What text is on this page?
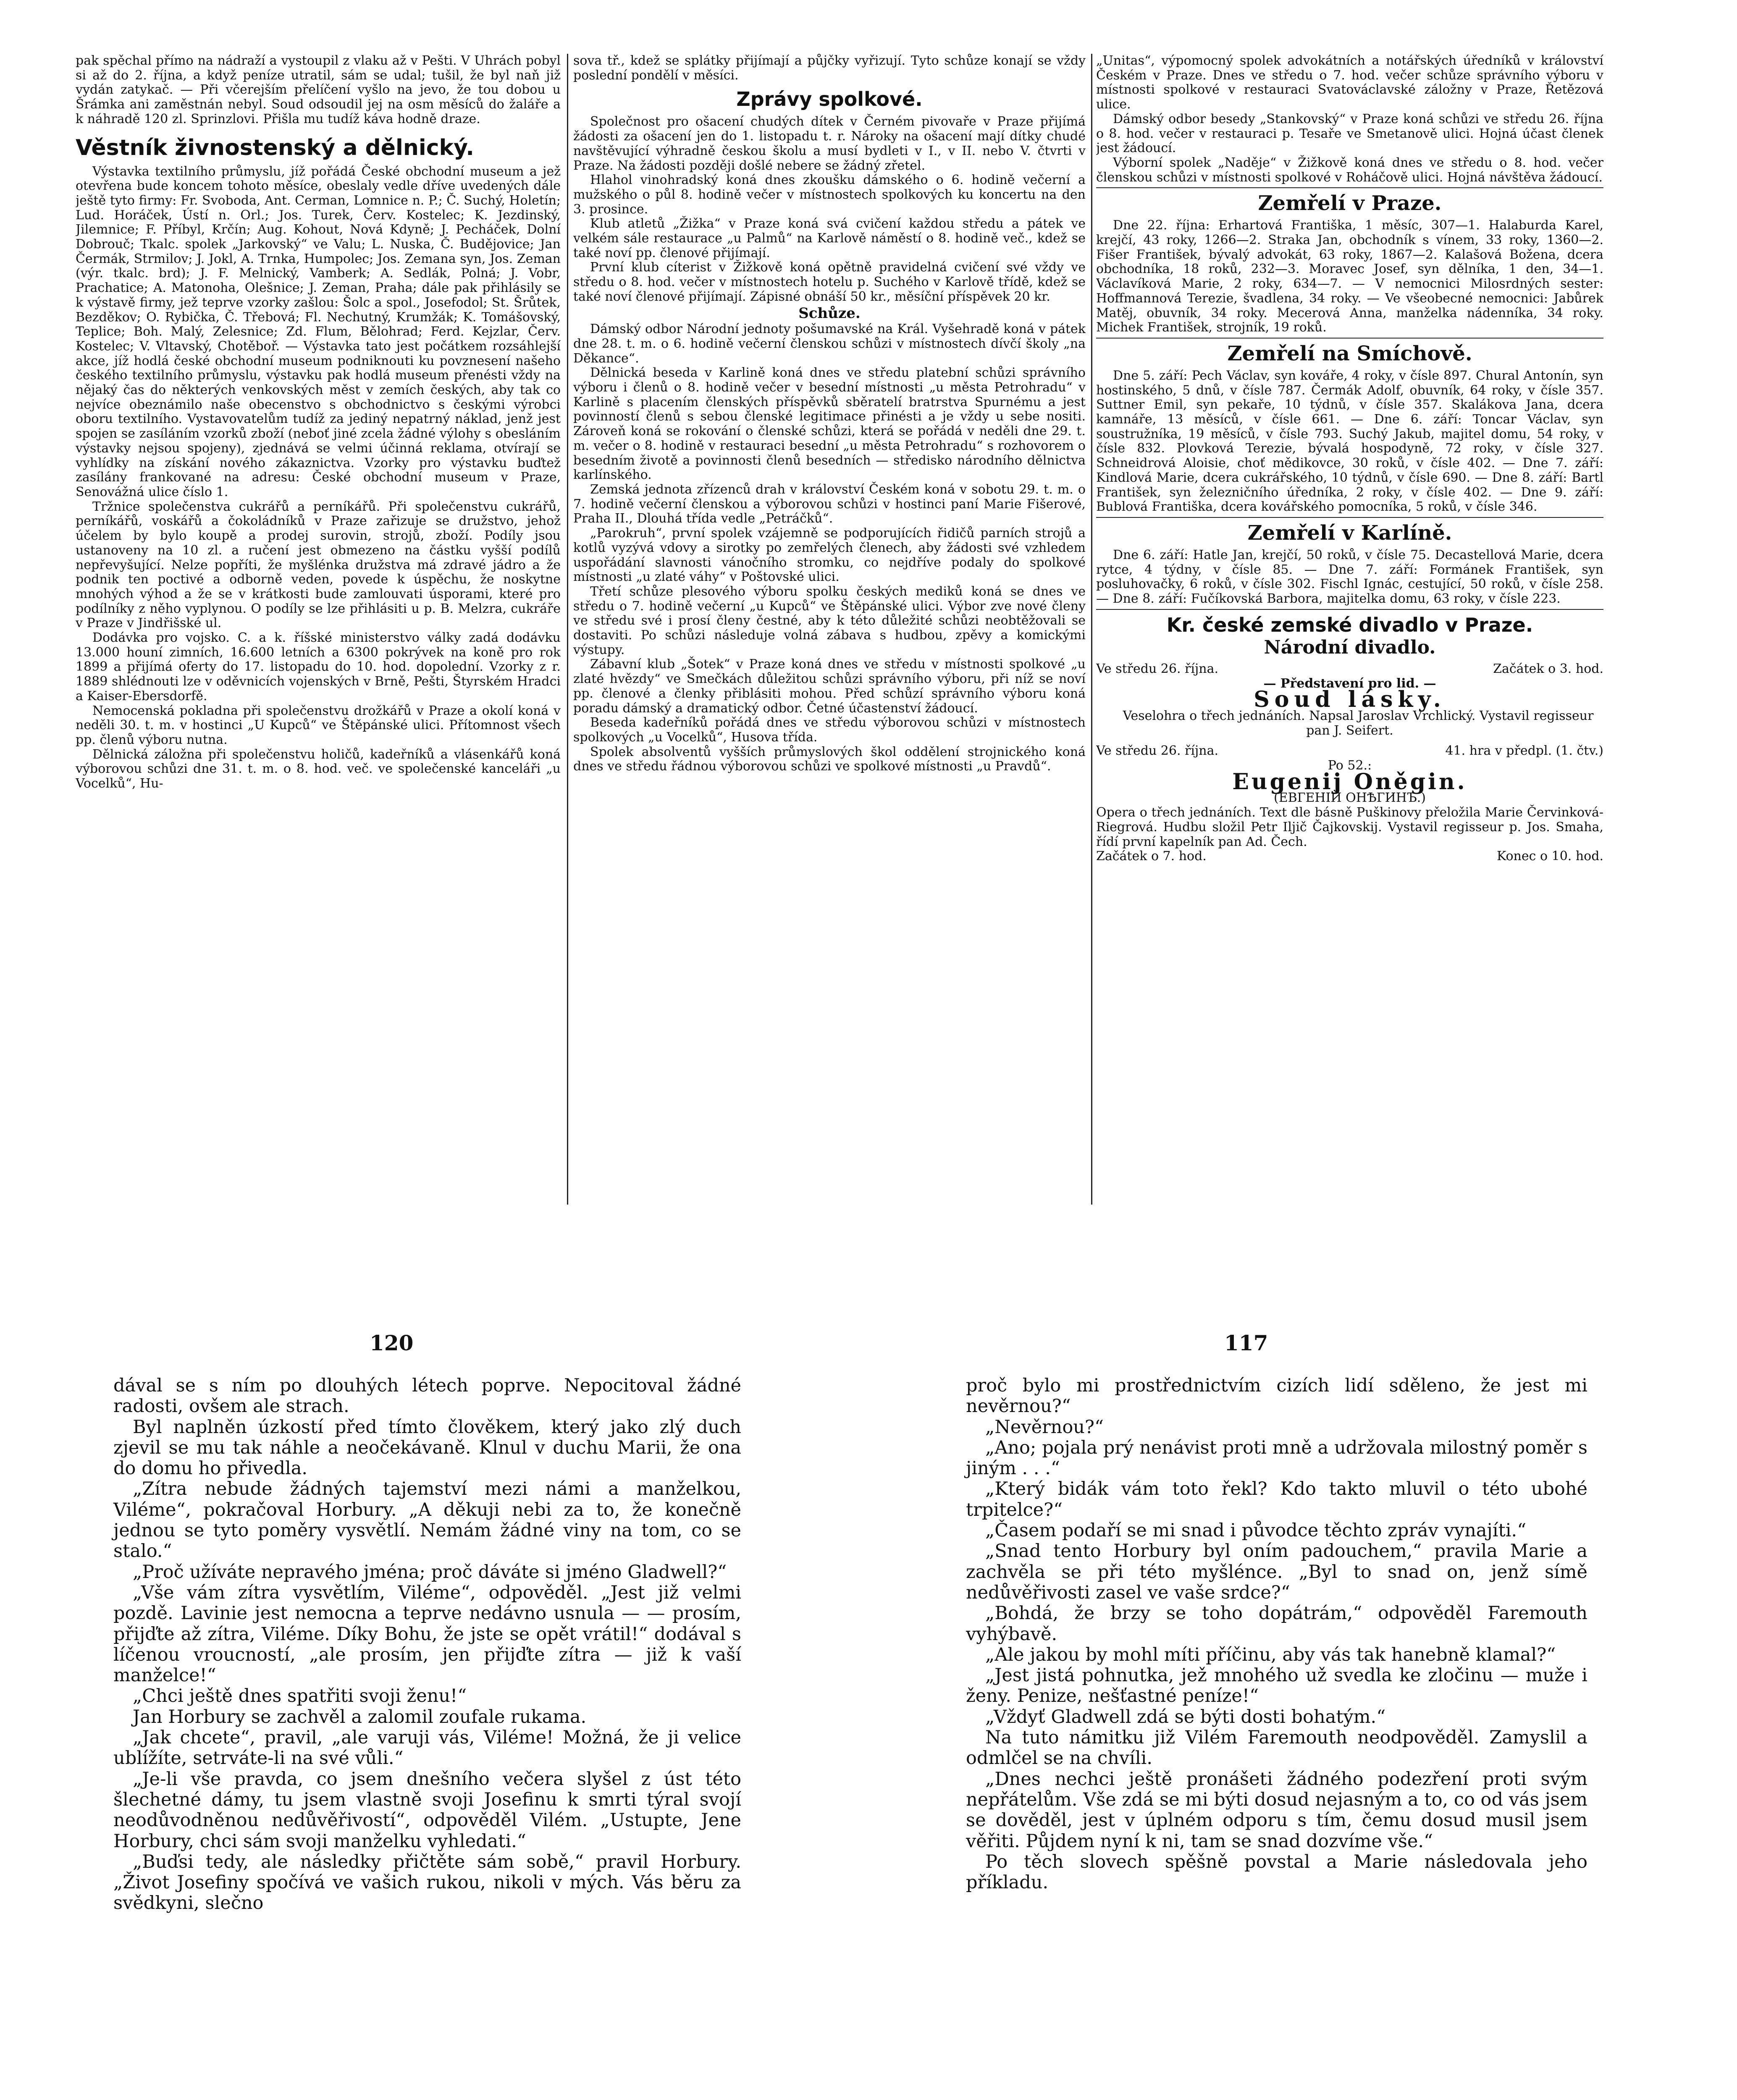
pak spěchal přímo na nádraží a vystoupil z vlaku až v Pešti. V Uhrách pobyl si až do 2. října, a když peníze utratil, sám se udal; tušil, že byl naň již vydán zatykač. — Při včerejším přelíčení vyšlo na jevo, že tou dobou u Šrámka ani zaměstnán nebyl. Soud odsoudil jej na osm měsíců do žaláře a k náhradě 120 zl. Sprinzlovi. Přišla mu tudíž káva hodně draze.

Věstník živnostenský a dělnický.

Výstavka textilního průmyslu, jíž pořádá České obchodní museum a jež otevřena bude koncem tohoto měsíce, obeslaly vedle dříve uvedených dále ještě tyto firmy: Fr. Svoboda, Ant. Cerman, Lomnice n. P.; Č. Suchý, Holetín; Lud. Horáček, Ústí n. Orl.; Jos. Turek, Červ. Kostelec; K. Jezdinský, Jilemnice; F. Příbyl, Krčín; Aug. Kohout, Nová Kdyně; J. Pecháček, Dolní Dobrouč; Tkalc. spolek „Jarkovský“ ve Valu; L. Nuska, Č. Budějovice; Jan Čermák, Strmilov; J. Jokl, A. Trnka, Humpolec; Jos. Zemana syn, Jos. Zeman (výr. tkalc. brd); J. F. Melnický, Vamberk; A. Sedlák, Polná; J. Vobr, Prachatice; A. Matonoha, Olešnice; J. Zeman, Praha; dále pak přihlásily se k výstavě firmy, jež teprve vzorky zašlou: Šolc a spol., Josefodol; St. Šrůtek, Bezděkov; O. Rybička, Č. Třebová; Fl. Nechutný, Krumžák; K. Tomášovský, Teplice; Boh. Malý, Zelesnice; Zd. Flum, Bělohrad; Ferd. Kejzlar, Červ. Kostelec; V. Vltavský, Chotěboř. — Výstavka tato jest počátkem rozsáhlejší akce, jíž hodlá české obchodní museum podniknouti ku povznesení našeho českého textilního průmyslu, výstavku pak hodlá museum přenésti vždy na nějaký čas do některých venkovských měst v zemích českých, aby tak co nejvíce obeznámilo naše obecenstvo s obchodnictvo s českými výrobci oboru textilního. Vystavovatelům tudíž za jediný nepatrný náklad, jenž jest spojen se zasíláním vzorků zboží (neboť jiné zcela žádné výlohy s obesláním výstavky nejsou spojeny), zjednává se velmi účinná reklama, otvírají se vyhlídky na získání nového zákaznictva. Vzorky pro výstavku buďtež zasílány frankované na adresu: České obchodní museum v Praze, Senovážná ulice číslo 1.

Tržnice společenstva cukrářů a perníkářů. Při společenstvu cukrářů, perníkářů, voskářů a čokoládníků v Praze zařizuje se družstvo, jehož účelem by bylo koupě a prodej surovin, strojů, zboží. Podíly jsou ustanoveny na 10 zl. a ručení jest obmezeno na částku vyšší podílů nepřevyšující. Nelze popříti, že myšlénka družstva má zdravé jádro a že podnik ten poctivé a odborně veden, povede k úspěchu, že noskytne mnohých výhod a že se v krátkosti bude zamlouvati úsporami, které pro podílníky z něho vyplynou. O podíly se lze přihlásiti u p. B. Melzra, cukráře v Praze v Jindřišské ul.

Dodávka pro vojsko. C. a k. říšské ministerstvo války zadá dodávku 13.000 houní zimních, 16.600 letních a 6300 pokrývek na koně pro rok 1899 a přijímá oferty do 17. listopadu do 10. hod. dopolední. Vzorky z r. 1889 shlédnouti lze v oděvnicích vojenských v Brně, Pešti, Štyrském Hradci a Kaiser-Ebersdorfě.

Nemocenská pokladna při společenstvu drožkářů v Praze a okolí koná v neděli 30. t. m. v hostinci „U Kupců“ ve Štěpánské ulici. Přítomnost všech pp. členů výboru nutna.

Dělnická záložna při společenstvu holičů, kadeřníků a vlásenkářů koná výborovou schůzi dne 31. t. m. o 8. hod. več. ve společenské kanceláři „u Vocelků“, Hu-

sova tř., kdež se splátky přijímají a půjčky vyřizují. Tyto schůze konají se vždy poslední pondělí v měsíci.

Zprávy spolkové.

Společnost pro ošacení chudých dítek v Černém pivovaře v Praze přijímá žádosti za ošacení jen do 1. listopadu t. r. Nároky na ošacení mají dítky chudé navštěvující výhradně českou školu a musí bydleti v I., v II. nebo V. čtvrti v Praze. Na žádosti později došlé nebere se žádný zřetel.

Hlahol vinohradský koná dnes zkoušku dámského o 6. hodině večerní a mužského o půl 8. hodině večer v místnostech spolkových ku koncertu na den 3. prosince.

Klub atletů „Žižka“ v Praze koná svá cvičení každou středu a pátek ve velkém sále restaurace „u Palmů“ na Karlově náměstí o 8. hodině več., kdež se také noví pp. členové přijímají.

První klub cíterist v Žižkově koná opětně pravidelná cvičení své vždy ve středu o 8. hod. večer v místnostech hotelu p. Suchého v Karlově třídě, kdež se také noví členové přijímají. Zápisné obnáší 50 kr., měsíční příspěvek 20 kr.

Schůze.

Dámský odbor Národní jednoty pošumavské na Král. Vyšehradě koná v pátek dne 28. t. m. o 6. hodině večerní členskou schůzi v místnostech dívčí školy „na Děkance“.

Dělnická beseda v Karlině koná dnes ve středu platební schůzi správního výboru i členů o 8. hodině večer v besední místnosti „u města Petrohradu“ v Karlině s placením členských příspěvků sběratelí bratrstva Spurnému a jest povinností členů s sebou členské legitimace přinésti a je vždy u sebe nositi. Zároveň koná se rokování o členské schůzi, která se pořádá v neděli dne 29. t. m. večer o 8. hodině v restauraci besední „u města Petrohradu“ s rozhovorem o besedním životě a povinnosti členů besedních — středisko národního dělnictva karlínského.

Zemská jednota zřízenců drah v království Českém koná v sobotu 29. t. m. o 7. hodině večerní členskou a výborovou schůzi v hostinci paní Marie Fišerové, Praha II., Dlouhá třída vedle „Petráčků“.

„Parokruh“, první spolek vzájemně se podporujících řidičů parních strojů a kotlů vyzývá vdovy a sirotky po zemřelých členech, aby žádosti své vzhledem uspořádání slavnosti vánočního stromku, co nejdříve podaly do spolkové místnosti „u zlaté váhy“ v Poštovské ulici.

Třetí schůze plesového výboru spolku českých mediků koná se dnes ve středu o 7. hodině večerní „u Kupců“ ve Štěpánské ulici. Výbor zve nové členy ve středu své i prosí členy čestné, aby k této důležité schůzi neobtěžovali se dostaviti. Po schůzi následuje volná zábava s hudbou, zpěvy a komickými výstupy.

Zábavní klub „Šotek“ v Praze koná dnes ve středu v místnosti spolkové „u zlaté hvězdy“ ve Smečkách důležitou schůzi správního výboru, při níž se noví pp. členové a členky přiblásiti mohou. Před schůzí správního výboru koná poradu dámský a dramatický odbor. Četné účastenství žádoucí.

Beseda kadeřníků pořádá dnes ve středu výborovou schůzi v místnostech spolkových „u Vocelků“, Husova třída.

Spolek absolventů vyšších průmyslových škol oddělení strojnického koná dnes ve středu řádnou výborovou schůzi ve spolkové místnosti „u Pravdů“.

„Unitas“, výpomocný spolek advokátních a notářských úředníků v království Českém v Praze. Dnes ve středu o 7. hod. večer schůze správního výboru v místnosti spolkové v restauraci Svatováclavské záložny v Praze, Řetězová ulice.

Dámský odbor besedy „Stankovský“ v Praze koná schůzi ve středu 26. října o 8. hod. večer v restauraci p. Tesaře ve Smetanově ulici. Hojná účast členek jest žádoucí.

Výborní spolek „Naděje“ v Žižkově koná dnes ve středu o 8. hod. večer členskou schůzi v místnosti spolkové v Roháčově ulici. Hojná návštěva žádoucí.

Zemřelí v Praze.

Dne 22. října: Erhartová Františka, 1 měsíc, 307—1. Halaburda Karel, krejčí, 43 roky, 1266—2. Straka Jan, obchodník s vínem, 33 roky, 1360—2. Fišer František, bývalý advokát, 63 roky, 1867—2. Kalašová Božena, dcera obchodníka, 18 roků, 232—3. Moravec Josef, syn dělníka, 1 den, 34—1. Václavíková Marie, 2 roky, 634—7. — V nemocnici Milosrdných sester: Hoffmannová Terezie, švadlena, 34 roky. — Ve všeobecné nemocnici: Jabůrek Matěj, obuvník, 34 roky. Mecerová Anna, manželka nádenníka, 34 roky. Michek František, strojník, 19 roků.

Zemřelí na Smíchově.

Dne 5. září: Pech Václav, syn kováře, 4 roky, v čísle 897. Chural Antonín, syn hostinského, 5 dnů, v čísle 787. Čermák Adolf, obuvník, 64 roky, v čísle 357. Suttner Emil, syn pekaře, 10 týdnů, v čísle 357. Skalákova Jana, dcera kamnáře, 13 měsíců, v čísle 661. — Dne 6. září: Toncar Václav, syn soustružníka, 19 měsíců, v čísle 793. Suchý Jakub, majitel domu, 54 roky, v čísle 832. Plovková Terezie, bývalá hospodyně, 72 roky, v čísle 327. Schneidrová Aloisie, choť mědikovce, 30 roků, v čísle 402. — Dne 7. září: Kindlová Marie, dcera cukrářského, 10 týdnů, v čísle 690. — Dne 8. září: Bartl František, syn železničního úředníka, 2 roky, v čísle 402. — Dne 9. září: Bublová Františka, dcera kovářského pomocníka, 5 roků, v čísle 346.

Zemřelí v Karlíně.

Dne 6. září: Hatle Jan, krejčí, 50 roků, v čísle 75. Decastellová Marie, dcera rytce, 4 týdny, v čísle 85. — Dne 7. září: Formánek František, syn posluhovačky, 6 roků, v čísle 302. Fischl Ignác, cestující, 50 roků, v čísle 258. — Dne 8. září: Fučíkovská Barbora, majitelka domu, 63 roky, v čísle 223.

Kr. české zemské divadlo v Praze.
Národní divadlo.
Ve středu 26. října.	Začátek o 3. hod.
— Představení pro lid. —
Soud lásky.

Veselohra o třech jednáních. Napsal Jaroslav Vrchlický. Vystavil regisseur pan J. Seifert.

Ve středu 26. října.	41. hra v předpl. (1. čtv.)
Po 52.:
Eugenij Oněgin.
(ЕВГЕНІЙ ОНѢГИНЪ.)

Opera o třech jednáních. Text dle básně Puškinovy přeložila Marie Červinková-Riegrová. Hudbu složil Petr Iljič Čajkovskij. Vystavil regisseur p. Jos. Smaha, řídí první kapelník pan Ad. Čech.

Začátek o 7. hod.	Konec o 10. hod.
120	117

dával se s ním po dlouhých létech poprve. Nepocitoval žádné radosti, ovšem ale strach.

Byl naplněn úzkostí před tímto člověkem, který jako zlý duch zjevil se mu tak náhle a neočekávaně. Klnul v duchu Marii, že ona do domu ho přivedla.

„Zítra nebude žádných tajemství mezi námi a manželkou, Viléme“, pokračoval Horbury. „A děkuji nebi za to, že konečně jednou se tyto poměry vysvětlí. Nemám žádné viny na tom, co se stalo.“

„Proč užíváte nepravého jména; proč dáváte si jméno Gladwell?“

„Vše vám zítra vysvětlím, Viléme“, odpověděl. „Jest již velmi pozdě. Lavinie jest nemocna a teprve nedávno usnula — — prosím, přijďte až zítra, Viléme. Díky Bohu, že jste se opět vrátil!“ dodával s líčenou vroucností, „ale prosím, jen přijďte zítra — již k vaší manželce!“

„Chci ještě dnes spatřiti svoji ženu!“

Jan Horbury se zachvěl a zalomil zoufale rukama.

„Jak chcete“, pravil, „ale varuji vás, Viléme! Možná, že ji velice ublížíte, setrváte-li na své vůli.“

„Je-li vše pravda, co jsem dnešního večera slyšel z úst této šlechetné dámy, tu jsem vlastně svoji Josefinu k smrti týral svojí neodůvodněnou nedůvěřivostí“, odpověděl Vilém. „Ustupte, Jene Horbury, chci sám svoji manželku vyhledati.“

„Buďsi tedy, ale následky přičtěte sám sobě,“ pravil Horbury. „Život Josefiny spočívá ve vašich rukou, nikoli v mých. Vás běru za svědkyni, slečno

proč bylo mi prostřednictvím cizích lidí sděleno, že jest mi nevěrnou?“

„Nevěrnou?“

„Ano; pojala prý nenávist proti mně a udržovala milostný poměr s jiným . . .“

„Který bidák vám toto řekl? Kdo takto mluvil o této ubohé trpitelce?“

„Časem podaří se mi snad i původce těchto zpráv vynajíti.“

„Snad tento Horbury byl oním padouchem,“ pravila Marie a zachvěla se při této myšlénce. „Byl to snad on, jenž símě nedůvěřivosti zasel ve vaše srdce?“

„Bohdá, že brzy se toho dopátrám,“ odpověděl Faremouth vyhýbavě.

„Ale jakou by mohl míti příčinu, aby vás tak hanebně klamal?“

„Jest jistá pohnutka, jež mnohého už svedla ke zločinu — muže i ženy. Penize, nešťastné peníze!“

„Vždyť Gladwell zdá se býti dosti bohatým.“

Na tuto námitku již Vilém Faremouth neodpověděl. Zamyslil a odmlčel se na chvíli.

„Dnes nechci ještě pronášeti žádného podezření proti svým nepřátelům. Vše zdá se mi býti dosud nejasným a to, co od vás jsem se dověděl, jest v úplném odporu s tím, čemu dosud musil jsem věřiti. Půjdem nyní k ni, tam se snad dozvíme vše.“

Po těch slovech spěšně povstal a Marie následovala jeho příkladu.
